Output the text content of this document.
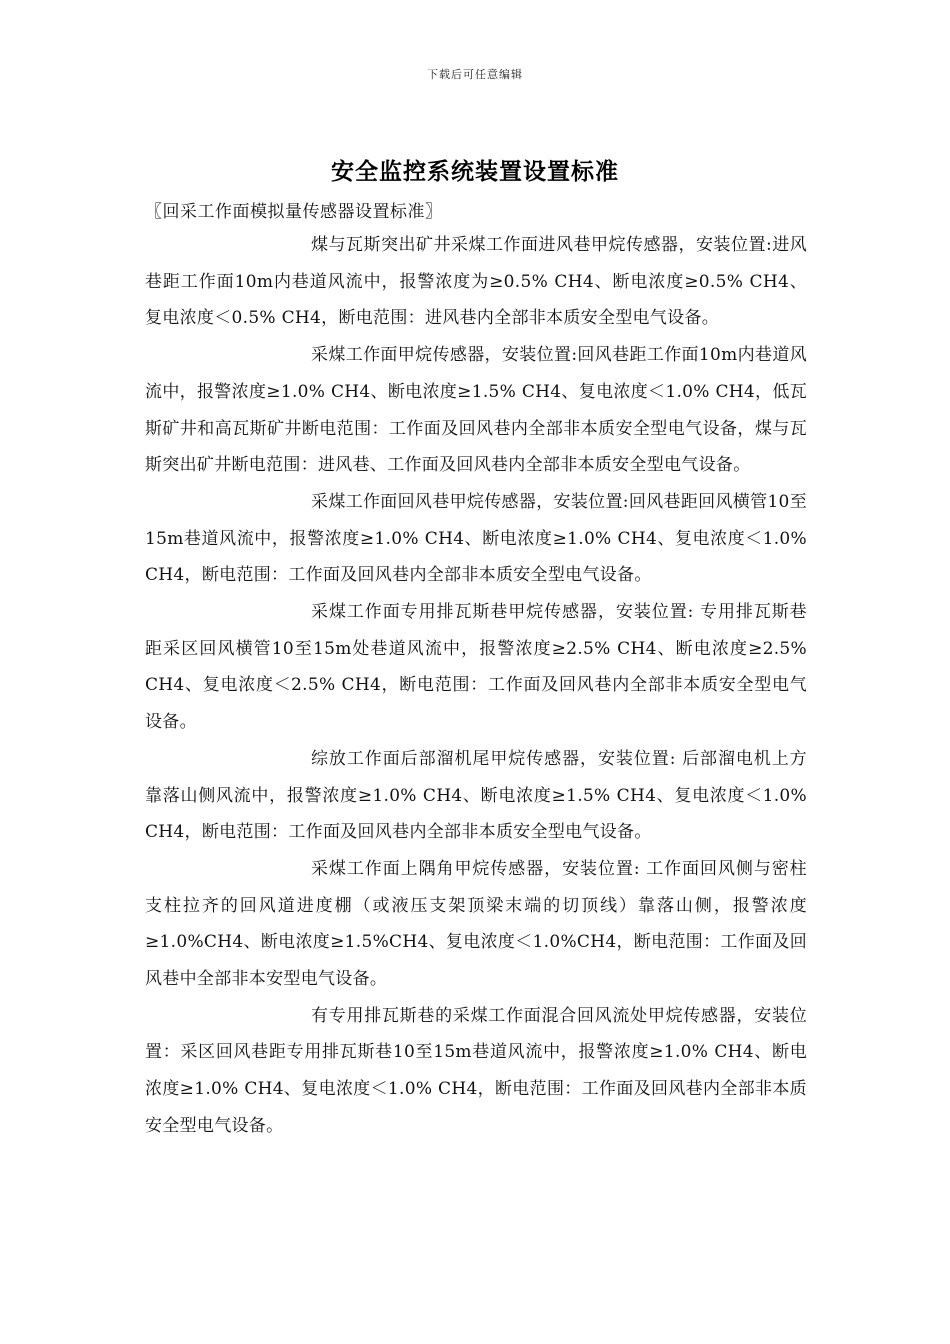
下载后可任意编辑
安全监控系统装置设置标准

〖回采工作面模拟量传感器设置标准〗

煤与瓦斯突出矿井采煤工作面进风巷甲烷传感器，安装位置:进风巷距工作面10m内巷道风流中，报警浓度为≥0.5% CH4、断电浓度≥0.5% CH4、复电浓度＜0.5% CH4，断电范围：进风巷内全部非本质安全型电气设备。

采煤工作面甲烷传感器，安装位置:回风巷距工作面10m内巷道风流中，报警浓度≥1.0% CH4、断电浓度≥1.5% CH4、复电浓度＜1.0% CH4，低瓦斯矿井和高瓦斯矿井断电范围：工作面及回风巷内全部非本质安全型电气设备，煤与瓦斯突出矿井断电范围：进风巷、工作面及回风巷内全部非本质安全型电气设备。

采煤工作面回风巷甲烷传感器，安装位置:回风巷距回风横管10至15m巷道风流中，报警浓度≥1.0% CH4、断电浓度≥1.0% CH4、复电浓度＜1.0% CH4，断电范围：工作面及回风巷内全部非本质安全型电气设备。

采煤工作面专用排瓦斯巷甲烷传感器，安装位置: 专用排瓦斯巷距采区回风横管10至15m处巷道风流中，报警浓度≥2.5% CH4、断电浓度≥2.5% CH4、复电浓度＜2.5% CH4，断电范围：工作面及回风巷内全部非本质安全型电气设备。

综放工作面后部溜机尾甲烷传感器，安装位置: 后部溜电机上方靠落山侧风流中，报警浓度≥1.0% CH4、断电浓度≥1.5% CH4、复电浓度＜1.0% CH4，断电范围：工作面及回风巷内全部非本质安全型电气设备。

采煤工作面上隅角甲烷传感器，安装位置: 工作面回风侧与密柱支柱拉齐的回风道进度棚（或液压支架顶梁末端的切顶线）靠落山侧，报警浓度≥1.0%CH4、断电浓度≥1.5%CH4、复电浓度＜1.0%CH4，断电范围：工作面及回风巷中全部非本安型电气设备。

有专用排瓦斯巷的采煤工作面混合回风流处甲烷传感器，安装位置：采区回风巷距专用排瓦斯巷10至15m巷道风流中，报警浓度≥1.0% CH4、断电浓度≥1.0% CH4、复电浓度＜1.0% CH4，断电范围：工作面及回风巷内全部非本质安全型电气设备。
